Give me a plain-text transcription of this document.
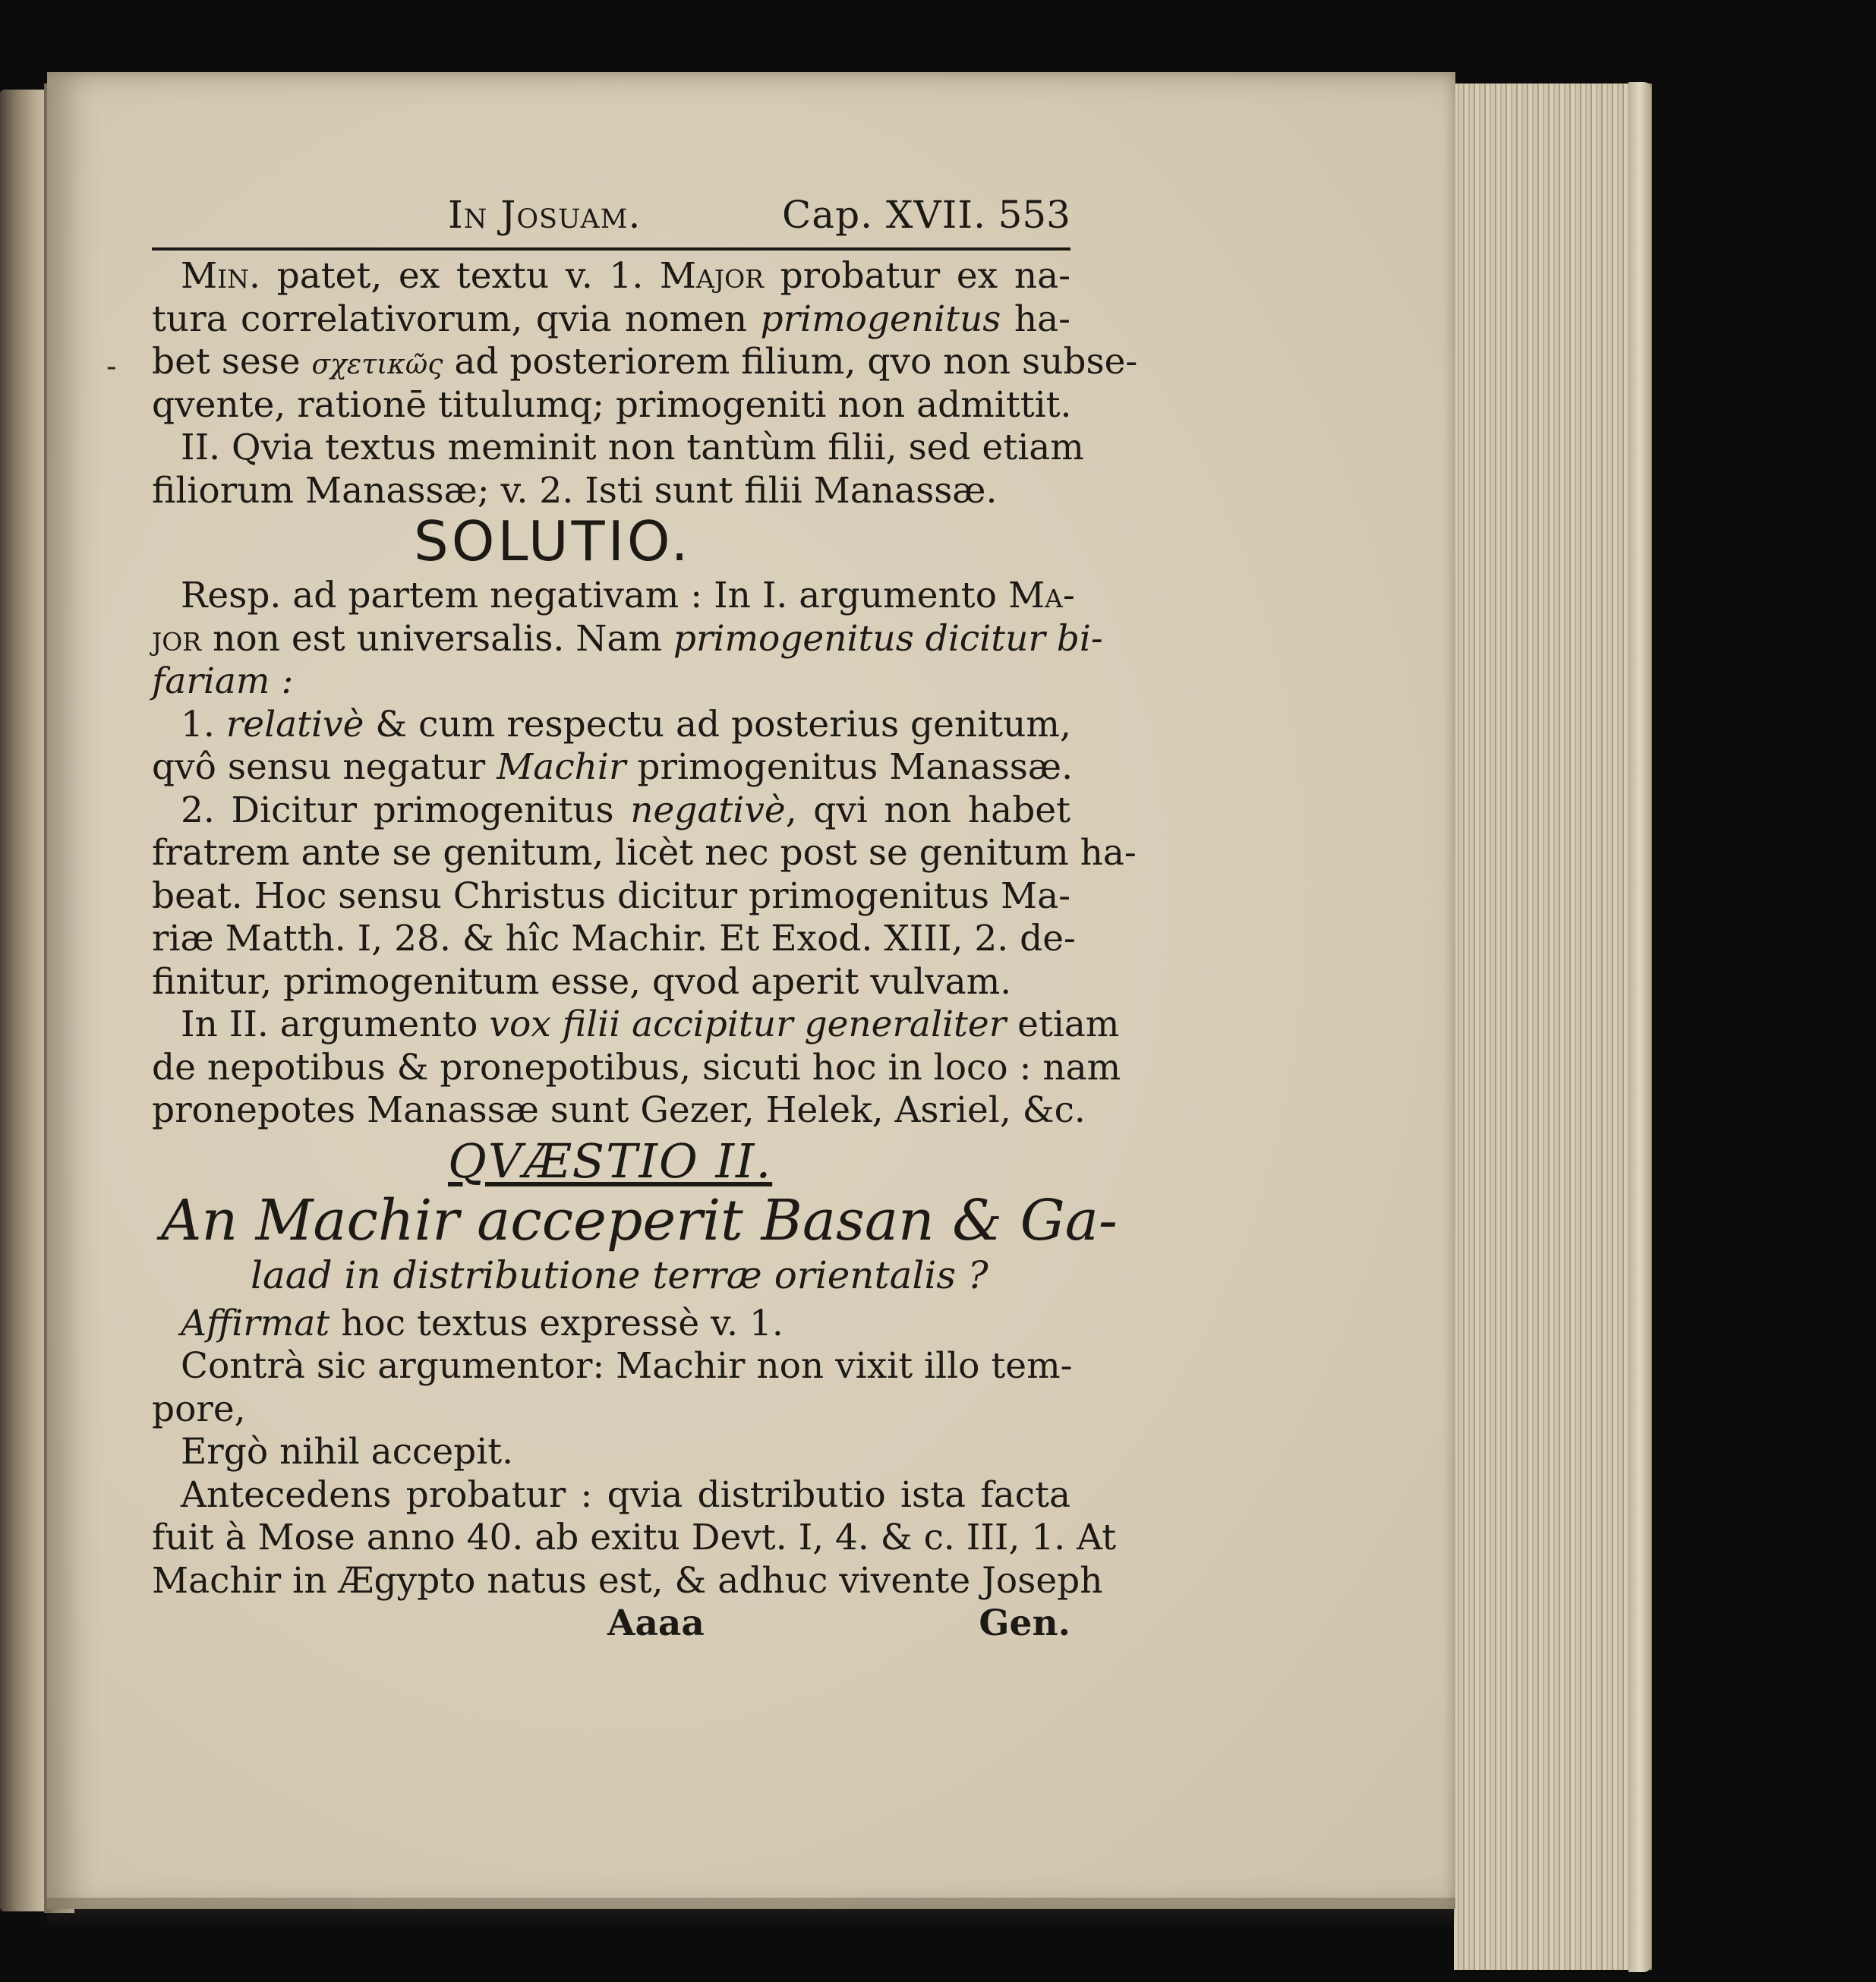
-
In Josuam.	Cap. XVII. 553
Min. patet, ex textu v. 1. Major probatur ex na-
tura correlativorum, qvia nomen primogenitus ha-
bet sese σχετικῶς ad posteriorem filium, qvo non subse-
qvente, rationē titulumq; primogeniti non admittit.
II. Qvia textus meminit non tantùm filii, sed etiam
filiorum Manassæ; v. 2. Isti sunt filii Manassæ.
SOLUTIO.
Resp. ad partem negativam : In I. argumento Ma-
jor non est universalis. Nam primogenitus dicitur bi-
fariam :
1. relativè & cum respectu ad posterius genitum,
qvô sensu negatur Machir primogenitus Manassæ.
2. Dicitur primogenitus negativè, qvi non habet
fratrem ante se genitum, licèt nec post se genitum ha-
beat. Hoc sensu Christus dicitur primogenitus Ma-
riæ Matth. I, 28. & hîc Machir. Et Exod. XIII, 2. de-
finitur, primogenitum esse, qvod aperit vulvam.
In II. argumento vox filii accipitur generaliter etiam
de nepotibus & pronepotibus, sicuti hoc in loco : nam
pronepotes Manassæ sunt Gezer, Helek, Asriel, &c.
QVÆSTIO II.
An Machir acceperit Basan & Ga-
laad in distributione terræ orientalis ?
Affirmat hoc textus expressè v. 1.
Contrà sic argumentor: Machir non vixit illo tem-
pore,
Ergò nihil accepit.
Antecedens probatur : qvia distributio ista facta
fuit à Mose anno 40. ab exitu Devt. I, 4. & c. III, 1. At
Machir in Ægypto natus est, & adhuc vivente Joseph
Aaaa	Gen.
